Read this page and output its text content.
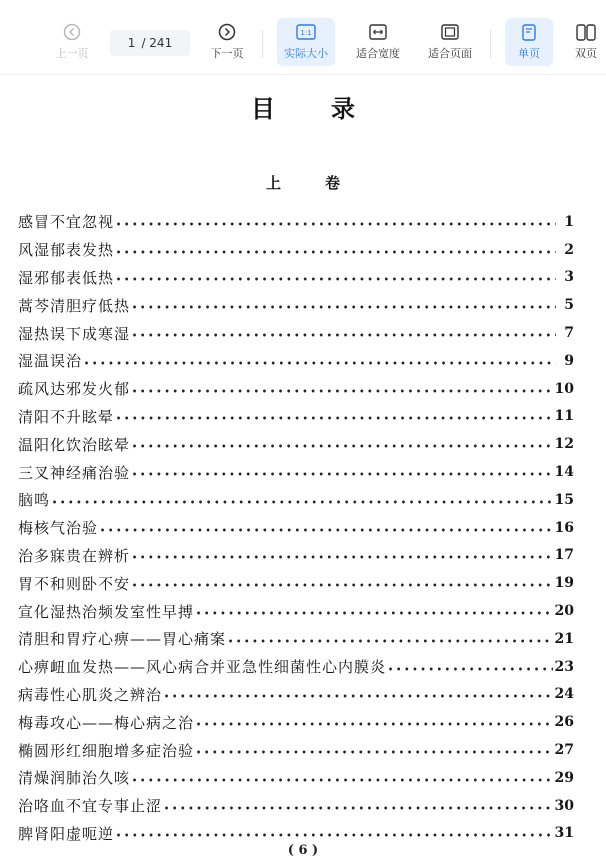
上一页
1 / 241
下一页
1:1
实际大小	适合宽度	适合页面	单页	双页
目录
上卷
感冒不宜忽视 •••••	1
风湿郁表发热 •••••	2
湿邪郁表低热 •••••	3
蒿芩清胆疗低热 •••••	5
湿热误下成寒湿 •••••	7
湿温误治 •••••	9
疏风达邪发火郁 •••••	10
清阳不升眩晕 •••••	11
温阳化饮治眩晕 •••••	12
三叉神经痛治验 •••••	14
脑鸣 •••••	15
梅核气治验 •••••	16
治多寐贵在辨析 •••••	17
胃不和则卧不安 •••••	19
宣化湿热治频发室性早搏 •••••	20
清胆和胃疗心痹——胃心痛案 •••••	21
心痹衄血发热——风心病合并亚急性细菌性心内膜炎 •••••	23
病毒性心肌炎之辨治 •••••	24
梅毒攻心——梅心病之治 •••••	26
椭圆形红细胞增多症治验 •••••	27
清燥润肺治久咳 •••••	29
治咯血不宜专事止涩 •••••	30
脾肾阳虚呃逆 •••••	31
( 6 )
